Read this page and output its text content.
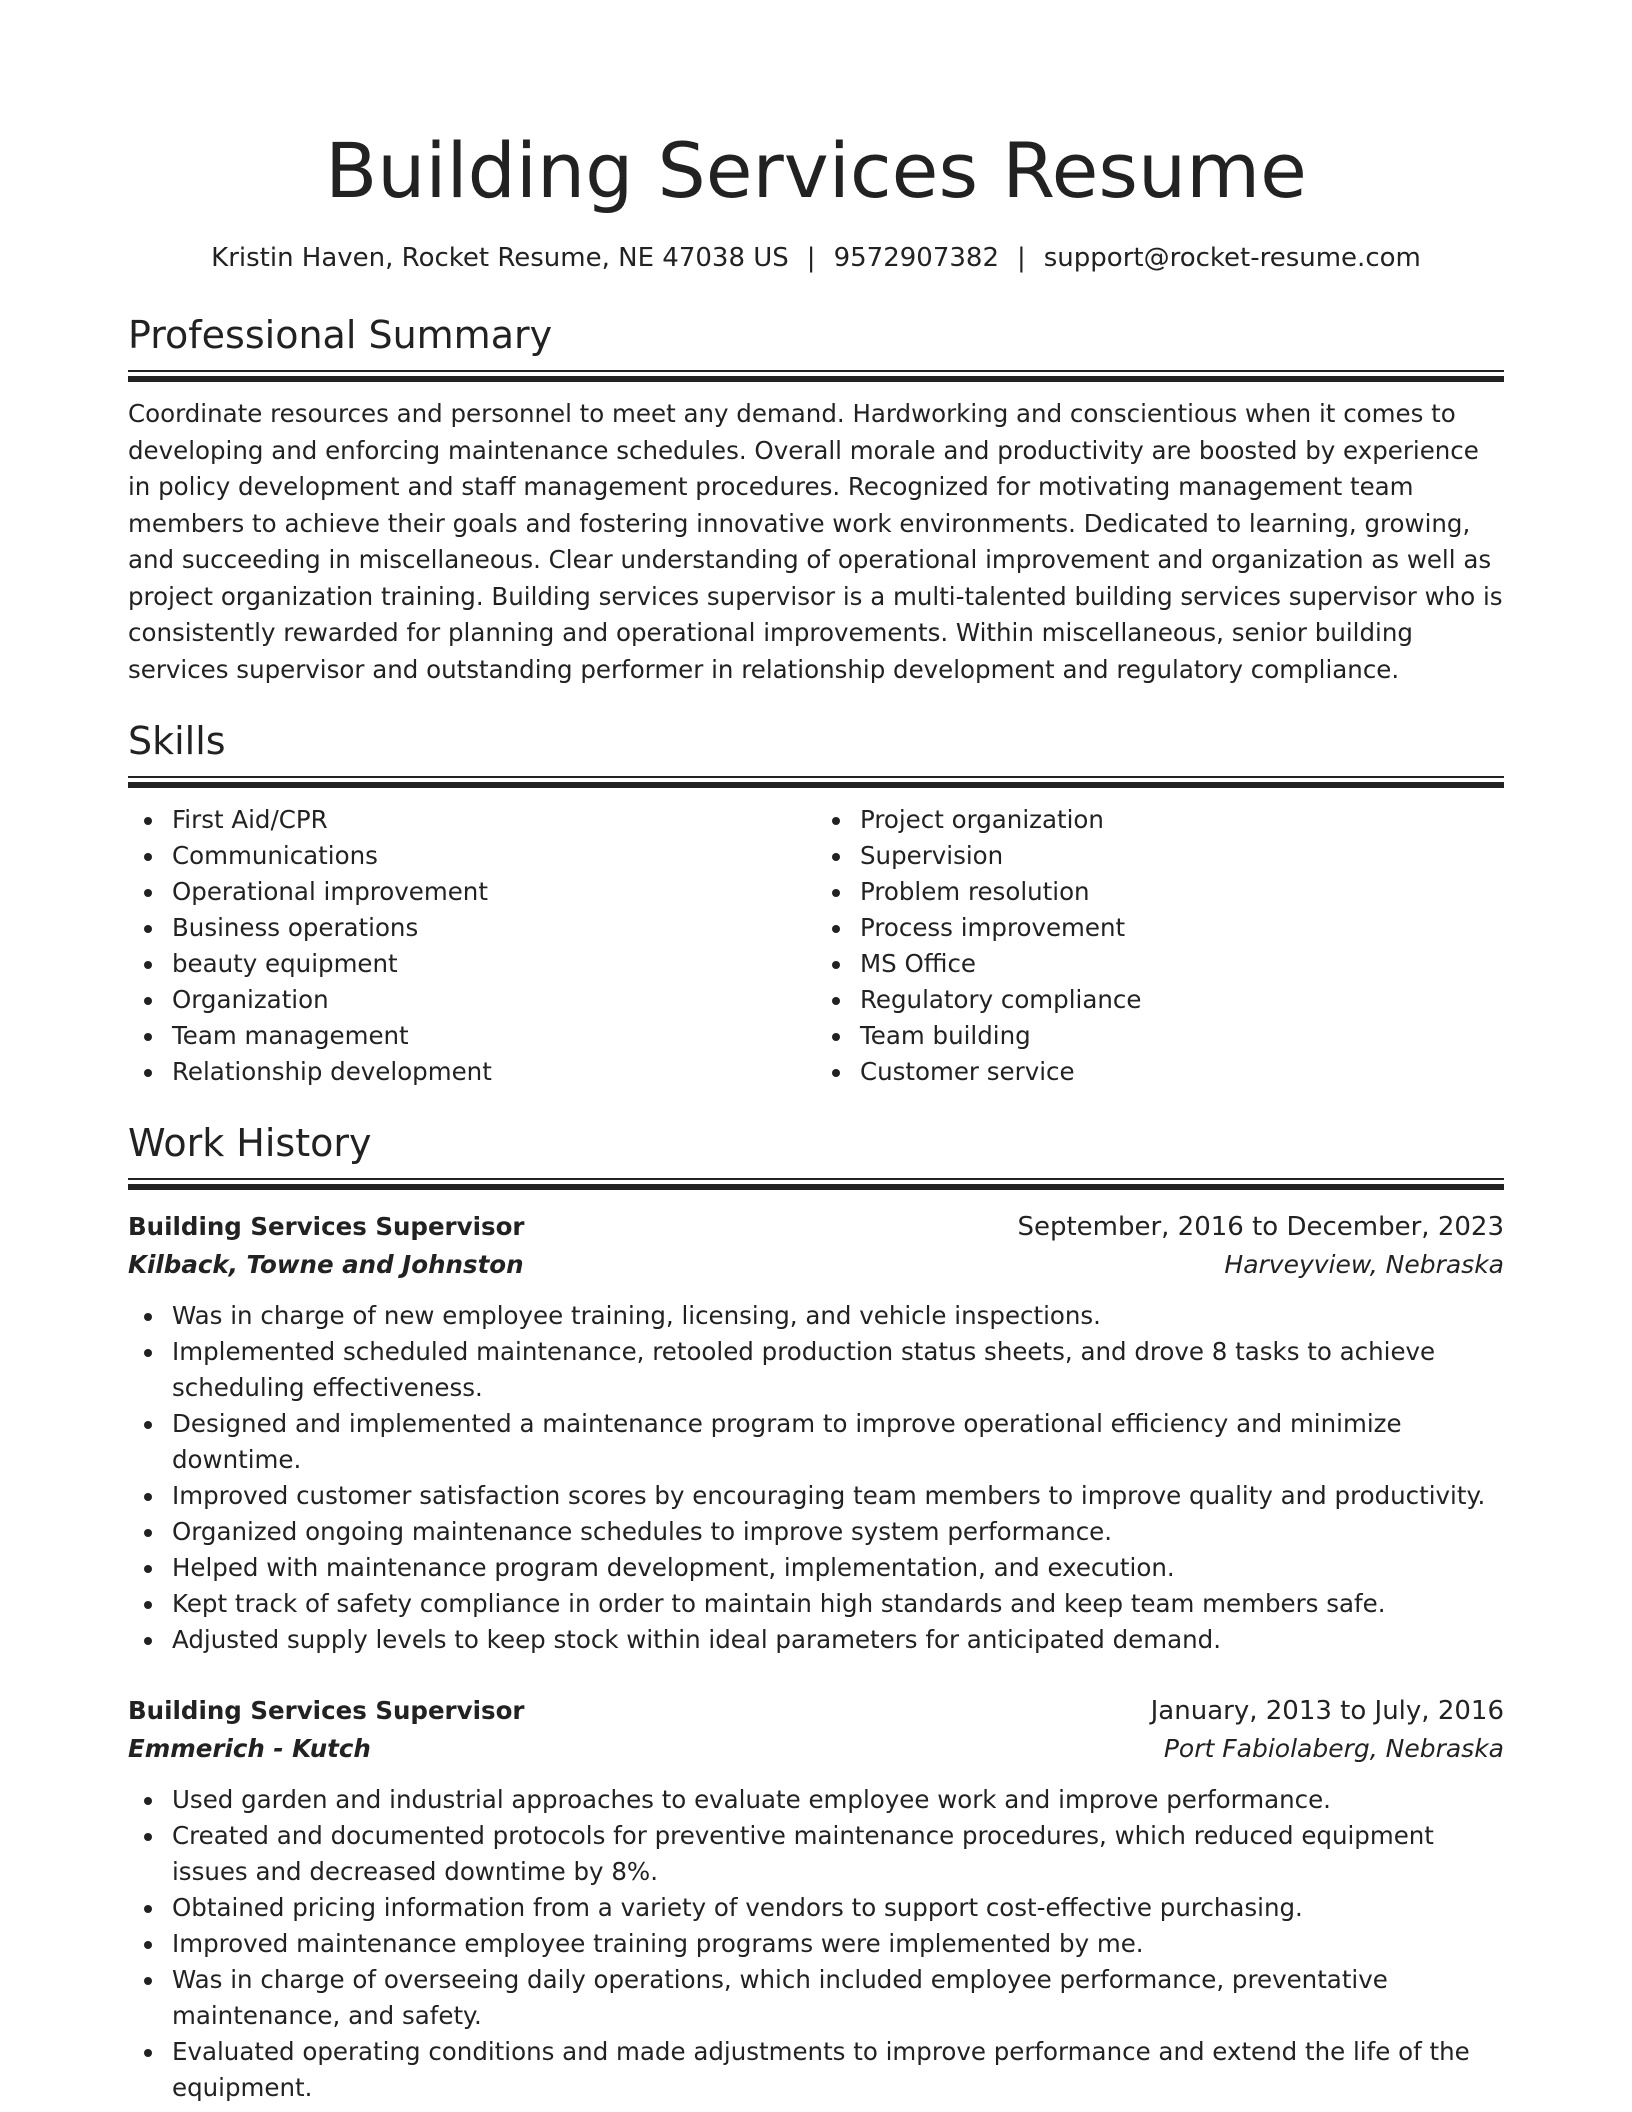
Building Services Resume
Kristin Haven, Rocket Resume, NE 47038 US | 9572907382 | support@rocket-resume.com
Professional Summary

Coordinate resources and personnel to meet any demand. Hardworking and conscientious when it comes to developing and enforcing maintenance schedules. Overall morale and productivity are boosted by experience in policy development and staff management procedures. Recognized for motivating management team members to achieve their goals and fostering innovative work environments. Dedicated to learning, growing, and succeeding in miscellaneous. Clear understanding of operational improvement and organization as well as project organization training. Building services supervisor is a multi-talented building services supervisor who is consistently rewarded for planning and operational improvements. Within miscellaneous, senior building services supervisor and outstanding performer in relationship development and regulatory compliance.

Skills
First Aid/CPR
Communications
Operational improvement
Business operations
beauty equipment
Organization
Team management
Relationship development
Project organization
Supervision
Problem resolution
Process improvement
MS Office
Regulatory compliance
Team building
Customer service
Work History
Building Services Supervisor	September, 2016 to December, 2023
Kilback, Towne and Johnston	Harveyview, Nebraska
Was in charge of new employee training, licensing, and vehicle inspections.
Implemented scheduled maintenance, retooled production status sheets, and drove 8 tasks to achieve scheduling effectiveness.
Designed and implemented a maintenance program to improve operational efficiency and minimize downtime.
Improved customer satisfaction scores by encouraging team members to improve quality and productivity.
Organized ongoing maintenance schedules to improve system performance.
Helped with maintenance program development, implementation, and execution.
Kept track of safety compliance in order to maintain high standards and keep team members safe.
Adjusted supply levels to keep stock within ideal parameters for anticipated demand.
Building Services Supervisor	January, 2013 to July, 2016
Emmerich - Kutch	Port Fabiolaberg, Nebraska
Used garden and industrial approaches to evaluate employee work and improve performance.
Created and documented protocols for preventive maintenance procedures, which reduced equipment issues and decreased downtime by 8%.
Obtained pricing information from a variety of vendors to support cost-effective purchasing.
Improved maintenance employee training programs were implemented by me.
Was in charge of overseeing daily operations, which included employee performance, preventative maintenance, and safety.
Evaluated operating conditions and made adjustments to improve performance and extend the life of the equipment.
